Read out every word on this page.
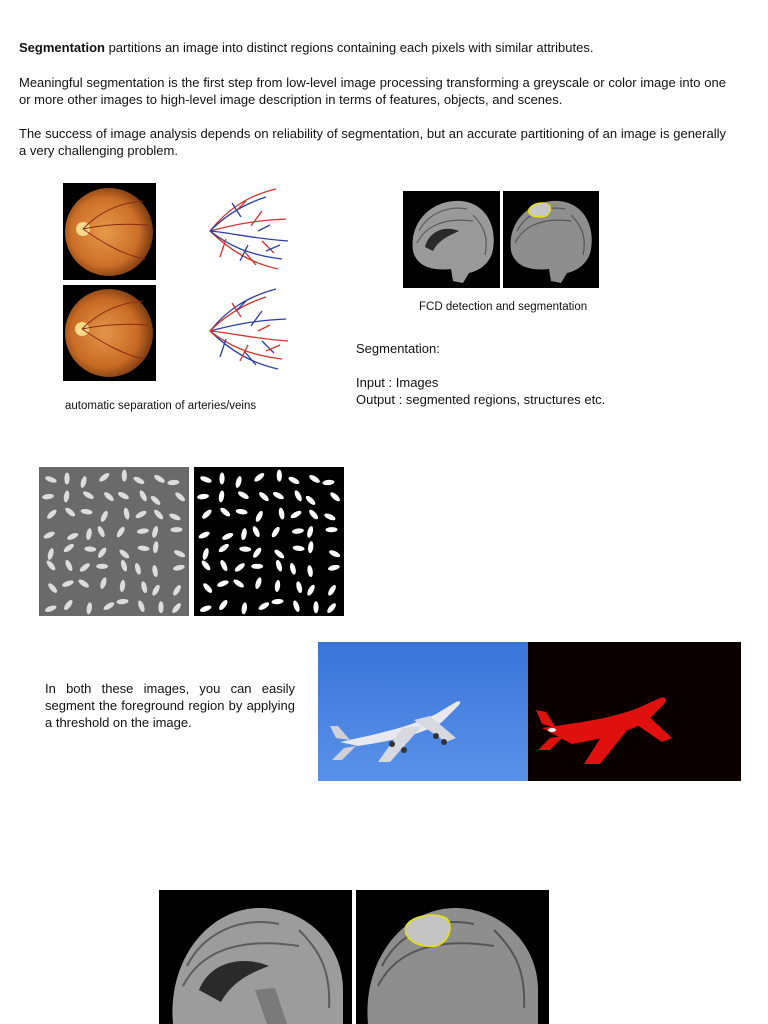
Segmentation partitions an image into distinct regions containing each pixels with similar attributes.
Meaningful segmentation is the first step from low-level image processing transforming a greyscale or color image into one or more other images to high-level image description in terms of features, objects, and scenes.
The success of image analysis depends on reliability of segmentation, but an accurate partitioning of an image is generally a very challenging problem.
automatic separation of arteries/veins
FCD detection and segmentation
Segmentation:
Input : Images
Output : segmented regions, structures etc.
In both these images, you can easily segment the foreground region by applying a threshold on the image.
